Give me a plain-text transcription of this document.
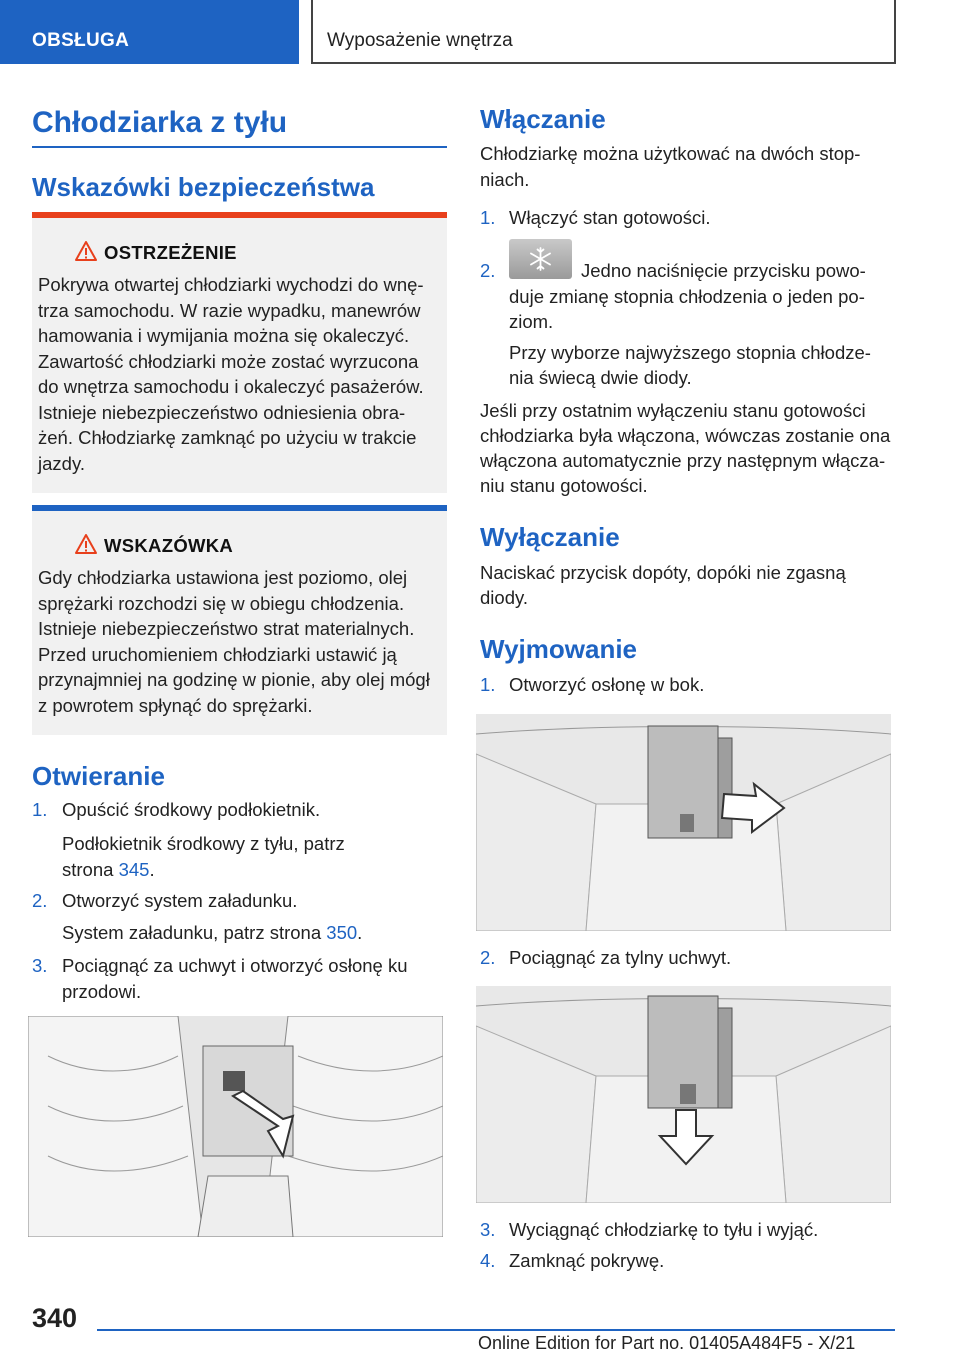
OBSŁUGA	Wyposażenie wnętrza
Chłodziarka z tyłu
Wskazówki bezpieczeństwa
OSTRZEŻENIE
Pokrywa otwartej chłodziarki wychodzi do wnę-
trza samochodu. W razie wypadku, manewrów
hamowania i wymijania można się okaleczyć.
Zawartość chłodziarki może zostać wyrzucona
do wnętrza samochodu i okaleczyć pasażerów.
Istnieje niebezpieczeństwo odniesienia obra-
żeń. Chłodziarkę zamknąć po użyciu w trakcie
jazdy.
WSKAZÓWKA
Gdy chłodziarka ustawiona jest poziomo, olej
sprężarki rozchodzi się w obiegu chłodzenia.
Istnieje niebezpieczeństwo strat materialnych.
Przed uruchomieniem chłodziarki ustawić ją
przynajmniej na godzinę w pionie, aby olej mógł
z powrotem spłynąć do sprężarki.
Otwieranie
1. Opuścić środkowy podłokietnik.
Podłokietnik środkowy z tyłu, patrz
strona 345.
2. Otworzyć system załadunku.
System załadunku, patrz strona 350.
3. Pociągnąć za uchwyt i otworzyć osłonę ku
przodowi.
Włączanie
Chłodziarkę można użytkować na dwóch stop-
niach.
1. Włączyć stan gotowości.
2.	Jedno naciśnięcie przycisku powo-
duje zmianę stopnia chłodzenia o jeden po-
ziom.
Przy wyborze najwyższego stopnia chłodze-
nia świecą dwie diody.
Jeśli przy ostatnim wyłączeniu stanu gotowości
chłodziarka była włączona, wówczas zostanie ona
włączona automatycznie przy następnym włącza-
niu stanu gotowości.
Wyłączanie
Naciskać przycisk dopóty, dopóki nie zgasną
diody.
Wyjmowanie
1. Otworzyć osłonę w bok.
2. Pociągnąć za tylny uchwyt.
3. Wyciągnąć chłodziarkę to tyłu i wyjąć.
4. Zamknąć pokrywę.
340
Online Edition for Part no. 01405A484F5 - X/21
